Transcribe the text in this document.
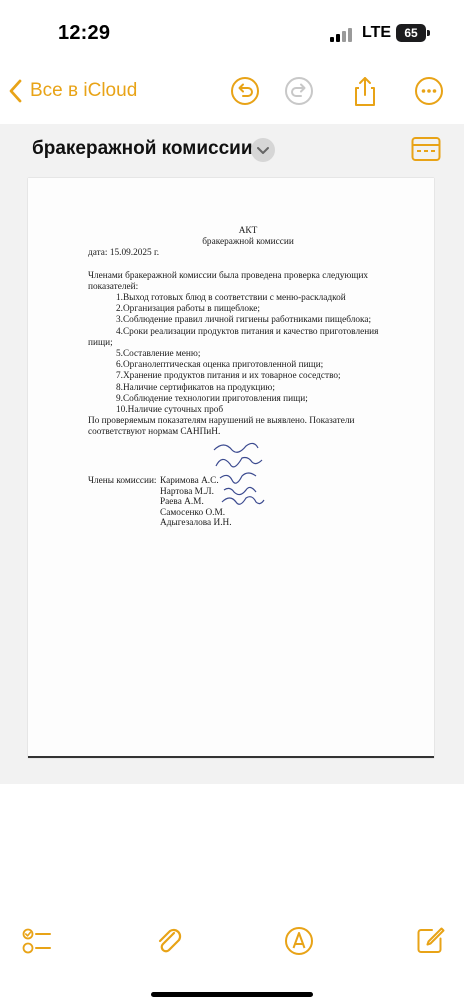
12:29	LTE	65
Все в iCloud
бракеражной комиссии
АКТ
бракеражной комиссии
дата: 15.09.2025 г.
Членами бракеражной комиссии была проведена проверка следующих
показателей:
1.Выход готовых блюд в соответствии с меню-раскладкой
2.Организация работы в пищеблоке;
3.Соблюдение правил личной гигиены работниками пищеблока;
4.Сроки реализации продуктов питания и качество приготовления
пищи;
5.Составление меню;
6.Органолептическая оценка приготовленной пищи;
7.Хранение продуктов питания и их товарное соседство;
8.Наличие сертификатов на продукцию;
9.Соблюдение технологии приготовления пищи;
10.Наличие суточных проб
По проверяемым показателям нарушений не выявлено. Показатели
соответствуют нормам САНПиН.
Члены комиссии: Каримова А.С.
Нартова М.Л.
Раева А.М.
Самосенко О.М.
Адыгезалова И.Н.
